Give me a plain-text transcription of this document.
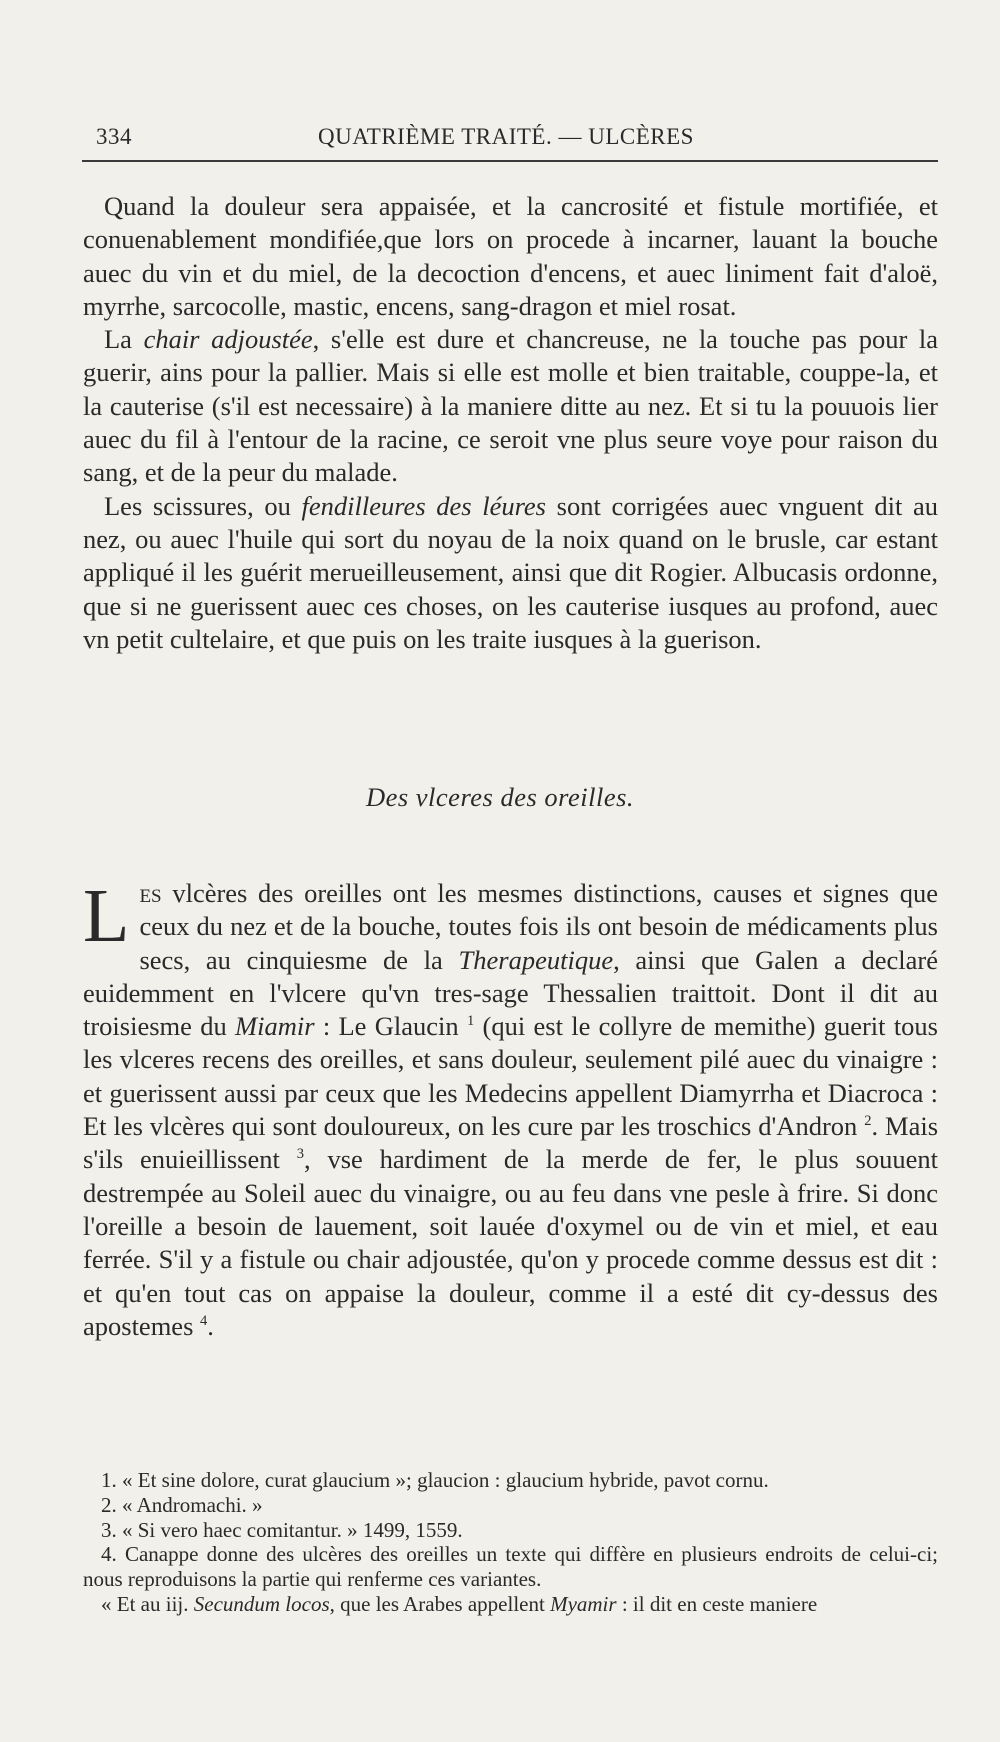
334	QUATRIÈME TRAITÉ. — ULCÈRES

Quand la douleur sera appaisée, et la cancrosité et fistule mortifiée, et conuenablement mondifiée,que lors on procede à incarner, lauant la bouche auec du vin et du miel, de la decoction d'encens, et auec liniment fait d'aloë, myrrhe, sarcocolle, mastic, encens, sang-dragon et miel rosat.

La chair adjoustée, s'elle est dure et chancreuse, ne la touche pas pour la guerir, ains pour la pallier. Mais si elle est molle et bien traitable, couppe-la, et la cauterise (s'il est necessaire) à la maniere ditte au nez. Et si tu la pouuois lier auec du fil à l'entour de la racine, ce seroit vne plus seure voye pour raison du sang, et de la peur du malade.

Les scissures, ou fendilleures des léures sont corrigées auec vnguent dit au nez, ou auec l'huile qui sort du noyau de la noix quand on le brusle, car estant appliqué il les guérit merueilleusement, ainsi que dit Rogier. Albucasis ordonne, que si ne guerissent auec ces choses, on les cauterise iusques au profond, auec vn petit cultelaire, et que puis on les traite iusques à la guerison.

Des vlceres des oreilles.

Les vlcères des oreilles ont les mesmes distinctions, causes et signes que ceux du nez et de la bouche, toutes fois ils ont besoin de médicaments plus secs, au cinquiesme de la Therapeutique, ainsi que Galen a declaré euidemment en l'vlcere qu'vn tres-sage Thessalien traittoit. Dont il dit au troisiesme du Miamir : Le Glaucin $^1$ (qui est le collyre de memithe) guerit tous les vlceres recens des oreilles, et sans douleur, seulement pilé auec du vinaigre : et guerissent aussi par ceux que les Medecins appellent Diamyrrha et Diacroca : Et les vlcères qui sont douloureux, on les cure par les troschics d'Andron $^2$. Mais s'ils enuieillissent $^3$, vse hardiment de la merde de fer, le plus souuent destrempée au Soleil auec du vinaigre, ou au feu dans vne pesle à frire. Si donc l'oreille a besoin de lauement, soit lauée d'oxymel ou de vin et miel, et eau ferrée. S'il y a fistule ou chair adjoustée, qu'on y procede comme dessus est dit : et qu'en tout cas on appaise la douleur, comme il a esté dit cy-dessus des apostemes $^4$.

1. « Et sine dolore, curat glaucium »; glaucion : glaucium hybride, pavot cornu.

2. « Andromachi. »

3. « Si vero haec comitantur. » 1499, 1559.

4. Canappe donne des ulcères des oreilles un texte qui diffère en plusieurs endroits de celui-ci; nous reproduisons la partie qui renferme ces variantes.

« Et au iij. Secundum locos, que les Arabes appellent Myamir : il dit en ceste maniere
